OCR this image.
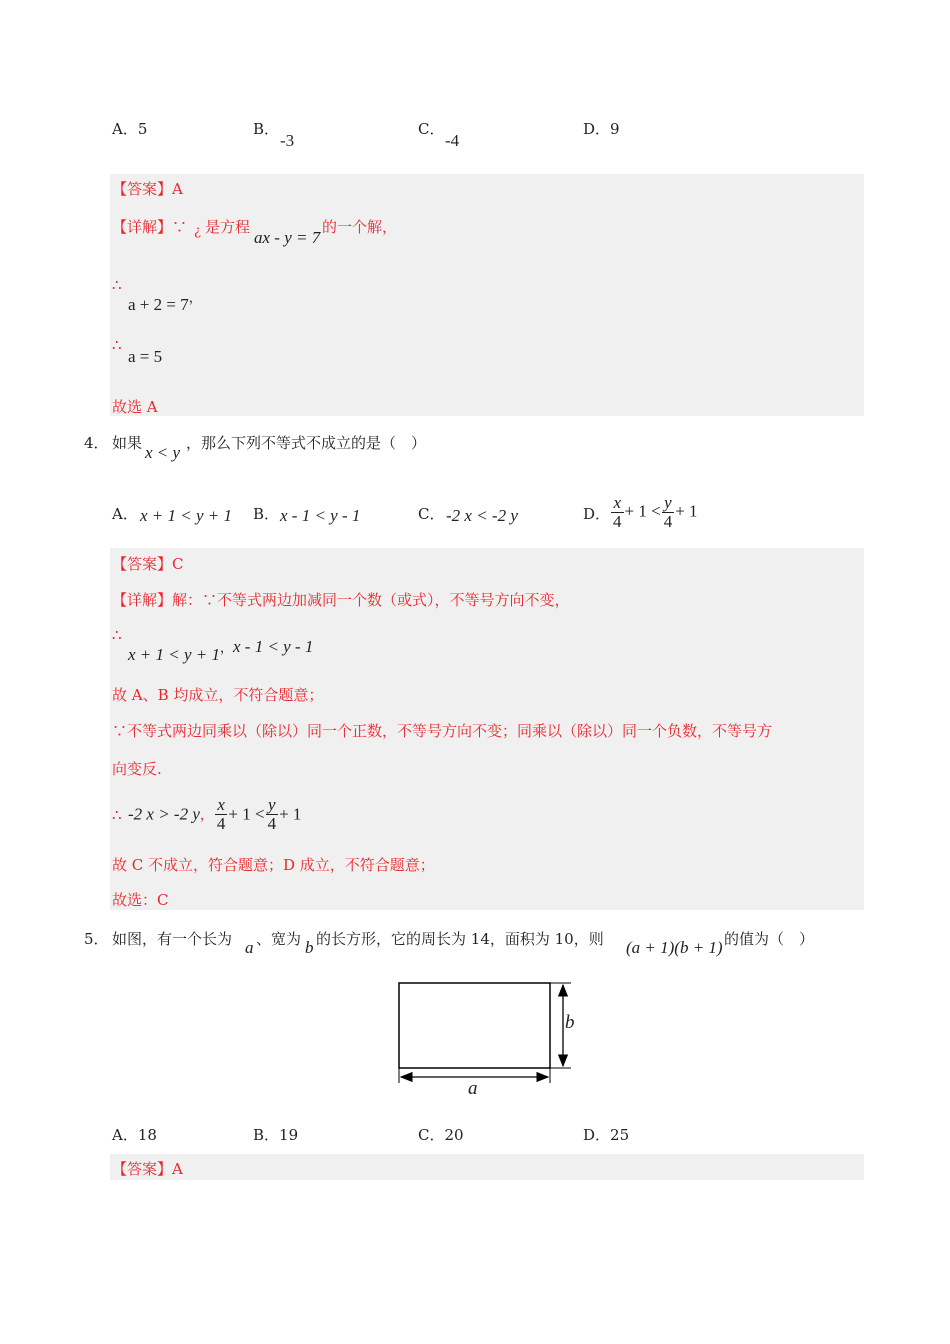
A．5	B．
-3
C．
-4
D．9
【答案】A
【详解】∵ ¿ 是方程
ax - y = 7
的一个解，
∴
a + 2 = 7，
∴
a = 5
故选 A
4． 如果 x < y ，那么下列不等式不成立的是（　）
A． x + 1 < y + 1 B． x - 1 < y - 1	C． -2 x < -2 y	D． $\frac{x}{4} + 1 < \frac{y}{4} + 1$
【答案】C
【详解】解：∵不等式两边加减同一个数（或式），不等号方向不变，
∴
x + 1 < y + 1， x - 1 < y - 1
故 A、B 均成立，不符合题意；
∵不等式两边同乘以（除以）同一个正数，不等号方向不变；同乘以（除以）同一个负数，不等号方
向变反.
∴ -2 x > -2 y， $\frac{x}{4} + 1 < \frac{y}{4} + 1$
故 C 不成立，符合题意；D 成立，不符合题意；
故选：C
5． 如图，有一个长为 a 、宽为 b 的长方形，它的周长为 14，面积为 10，则 (a + 1)(b + 1) 的值为（　）
b
a
A．18	B．19	C．20	D．25
【答案】A
